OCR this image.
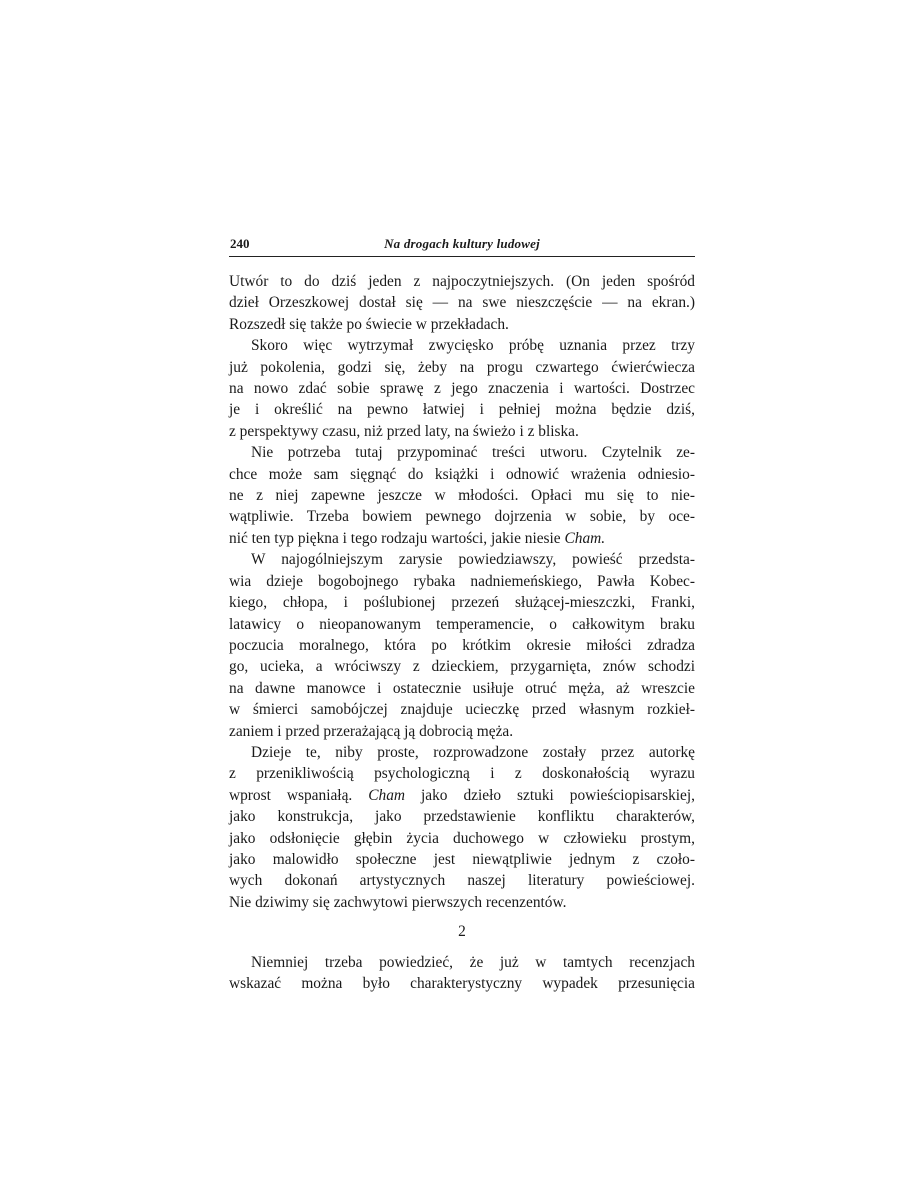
240	Na drogach kultury ludowej

Utwór to do dziś jeden z najpoczytniejszych. (On jeden spośród
dzieł Orzeszkowej dostał się — na swe nieszczęście — na ekran.)
Rozszedł się także po świecie w przekładach.

Skoro więc wytrzymał zwycięsko próbę uznania przez trzy
już pokolenia, godzi się, żeby na progu czwartego ćwierćwiecza
na nowo zdać sobie sprawę z jego znaczenia i wartości. Dostrzec
je i określić na pewno łatwiej i pełniej można będzie dziś,
z perspektywy czasu, niż przed laty, na świeżo i z bliska.

Nie potrzeba tutaj przypominać treści utworu. Czytelnik ze-
chce może sam sięgnąć do książki i odnowić wrażenia odniesio-
ne z niej zapewne jeszcze w młodości. Opłaci mu się to nie-
wątpliwie. Trzeba bowiem pewnego dojrzenia w sobie, by oce-
nić ten typ piękna i tego rodzaju wartości, jakie niesie Cham.

W najogólniejszym zarysie powiedziawszy, powieść przedsta-
wia dzieje bogobojnego rybaka nadniemeńskiego, Pawła Kobec-
kiego, chłopa, i poślubionej przezeń służącej-mieszczki, Franki,
latawicy o nieopanowanym temperamencie, o całkowitym braku
poczucia moralnego, która po krótkim okresie miłości zdradza
go, ucieka, a wróciwszy z dzieckiem, przygarnięta, znów schodzi
na dawne manowce i ostatecznie usiłuje otruć męża, aż wreszcie
w śmierci samobójczej znajduje ucieczkę przed własnym rozkieł-
zaniem i przed przerażającą ją dobrocią męża.

Dzieje te, niby proste, rozprowadzone zostały przez autorkę
z przenikliwością psychologiczną i z doskonałością wyrazu
wprost wspaniałą. Cham jako dzieło sztuki powieściopisarskiej,
jako konstrukcja, jako przedstawienie konfliktu charakterów,
jako odsłonięcie głębin życia duchowego w człowieku prostym,
jako malowidło społeczne jest niewątpliwie jednym z czoło-
wych dokonań artystycznych naszej literatury powieściowej.
Nie dziwimy się zachwytowi pierwszych recenzentów.

2

Niemniej trzeba powiedzieć, że już w tamtych recenzjach
wskazać można było charakterystyczny wypadek przesunięcia
